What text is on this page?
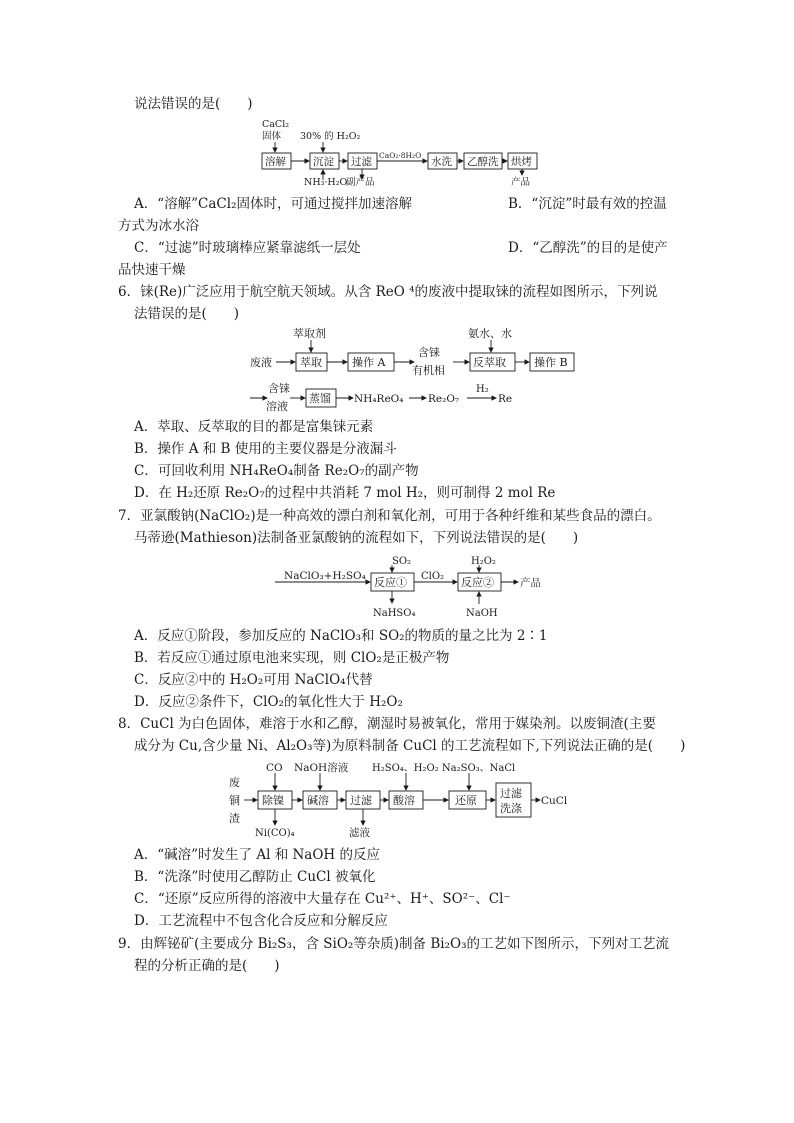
说法错误的是(　　)
CaCl₂
固体 30% 的 H₂O₂
溶解	沉淀 过滤
CaO₂·8H₂O
水洗 乙醇洗 烘烤
NH₃·H₂O
副产品	产品
A．“溶解”CaCl₂固体时，可通过搅拌加速溶解	B．“沉淀”时最有效的控温
方式为冰水浴
C．“过滤”时玻璃棒应紧靠滤纸一层处	D．“乙醇洗”的目的是使产
品快速干燥
6．铼(Re)广泛应用于航空航天领域。从含 ReO ⁴的废液中提取铼的流程如图所示，下列说
法错误的是(　　)
萃取剂	氨水、水
废液	萃取	操作 A
含铼
有机相
反萃取	操作 B
含铼
溶液
蒸馏 NH₄ReO₄ Re₂O₇
H₂
Re
A．萃取、反萃取的目的都是富集铼元素
B．操作 A 和 B 使用的主要仪器是分液漏斗
C．可回收利用 NH₄ReO₄制备 Re₂O₇的副产物
D．在 H₂还原 Re₂O₇的过程中共消耗 7 mol H₂，则可制得 2 mol Re
7．亚氯酸钠(NaClO₂)是一种高效的漂白剂和氧化剂，可用于各种纤维和某些食品的漂白。
马蒂逊(Mathieson)法制备亚氯酸钠的流程如下，下列说法错误的是(　　)
SO₂	H₂O₂
NaClO₃+H₂SO₄ 反应① ClO₂ 反应② 产品
NaHSO₄	NaOH
A．反应①阶段，参加反应的 NaClO₃和 SO₂的物质的量之比为 2∶1
B．若反应①通过原电池来实现，则 ClO₂是正极产物
C．反应②中的 H₂O₂可用 NaClO₄代替
D．反应②条件下，ClO₂的氧化性大于 H₂O₂
8．CuCl 为白色固体，难溶于水和乙醇，潮湿时易被氧化，常用于媒染剂。以废铜渣(主要
成分为 Cu,含少量 Ni、Al₂O₃等)为原料制备 CuCl 的工艺流程如下,下列说法正确的是(　　)
CO NaOH溶液 H₂SO₄、H₂O₂ Na₂SO₃、NaCl
废
铜
渣
除镍 碱溶 过滤 酸溶	还原
过滤
洗涤
CuCl
Ni(CO)₄	滤液
A．“碱溶”时发生了 Al 和 NaOH 的反应
B．“洗涤”时使用乙醇防止 CuCl 被氧化
C．“还原”反应所得的溶液中大量存在 Cu²⁺、H⁺、SO²⁻、Cl⁻
D．工艺流程中不包含化合反应和分解反应
9．由辉铋矿(主要成分 Bi₂S₃，含 SiO₂等杂质)制备 Bi₂O₃的工艺如下图所示，下列对工艺流
程的分析正确的是(　　)
